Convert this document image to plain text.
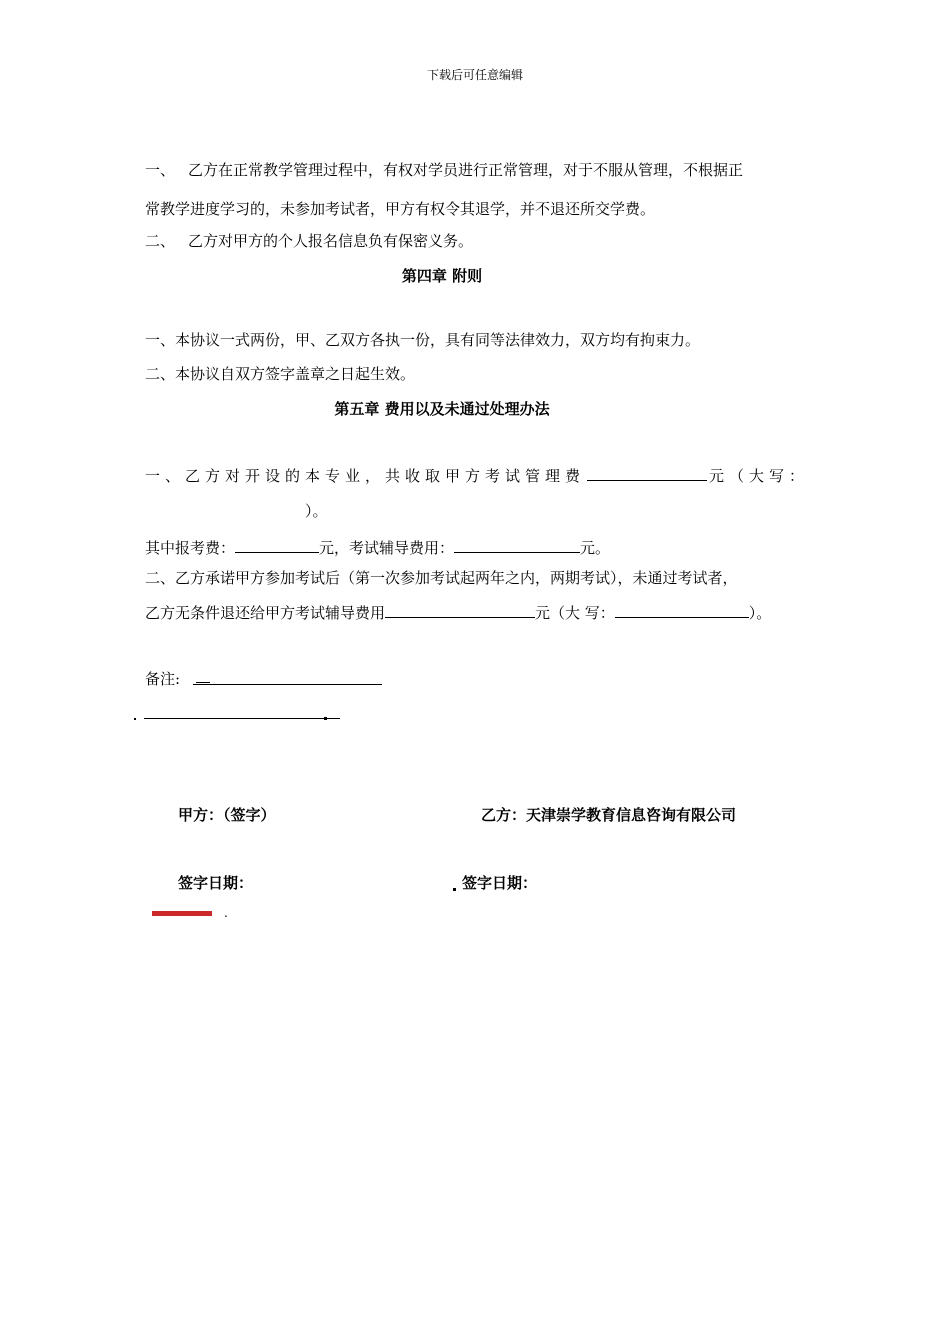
下载后可任意编辑
一、 乙方在正常教学管理过程中，有权对学员进行正常管理，对于不服从管理，不根据正
常教学进度学习的，未参加考试者，甲方有权令其退学，并不退还所交学费。
二、 乙方对甲方的个人报名信息负有保密义务。
第四章 附则
一、本协议一式两份，甲、乙双方各执一份，具有同等法律效力，双方均有拘束力。
二、本协议自双方签字盖章之日起生效。
第五章 费用以及未通过处理办法
一、乙方对开设的本专业，共收取甲方考试管理费	元（大写：
）。
其中报考费：	元，考试辅导费用：	元。
二、乙方承诺甲方参加考试后（第一次参加考试起两年之内，两期考试），未通过考试者，
乙方无条件退还给甲方考试辅导费用	元（大 写：	）。
备注:
甲方：（签字）	乙方：天津崇学教育信息咨询有限公司
签字日期：	签字日期：
.
